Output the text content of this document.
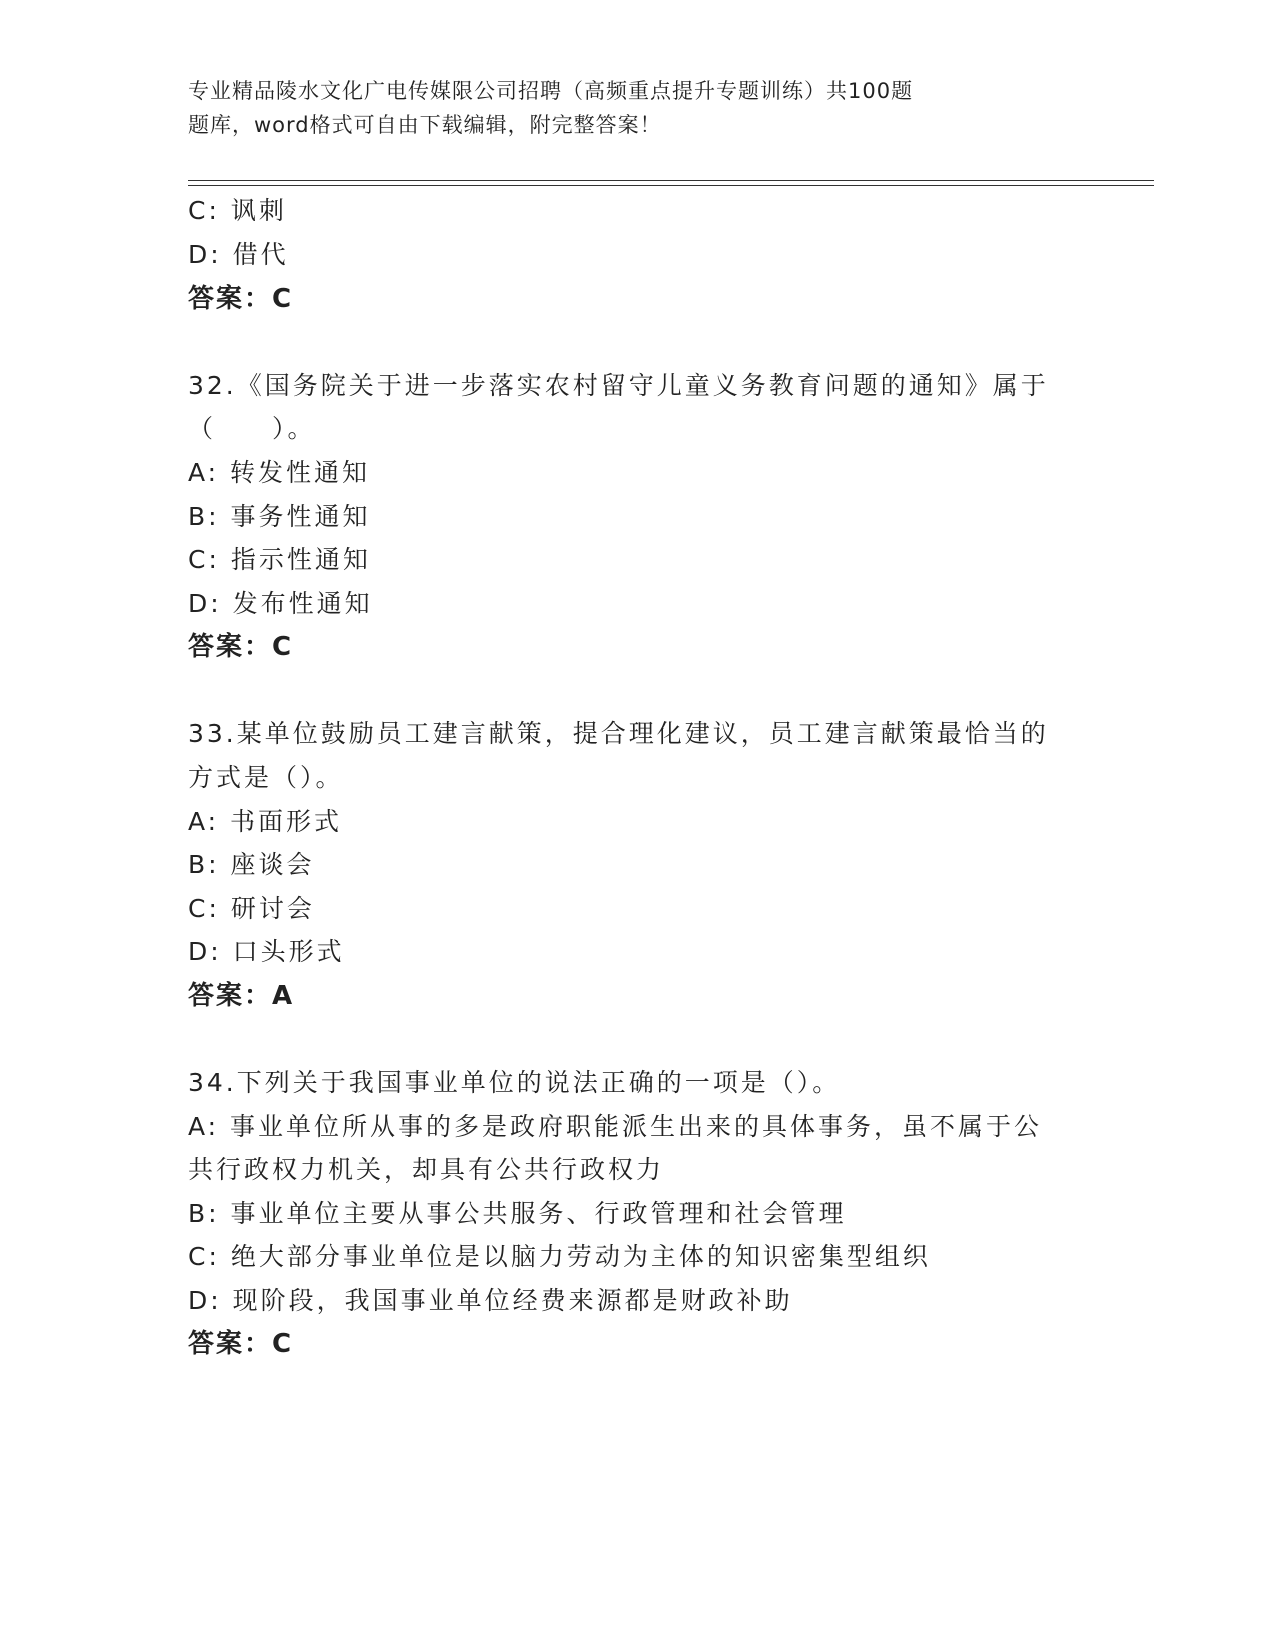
专业精品陵水文化广电传媒限公司招聘（高频重点提升专题训练）共100题
题库，word格式可自由下载编辑，附完整答案！
C: 讽刺
D: 借代
答案：C
32.《国务院关于进一步落实农村留守儿童义务教育问题的通知》属于
（　　）。
A: 转发性通知
B: 事务性通知
C: 指示性通知
D: 发布性通知
答案：C
33.某单位鼓励员工建言献策，提合理化建议，员工建言献策最恰当的
方式是（）。
A: 书面形式
B: 座谈会
C: 研讨会
D: 口头形式
答案：A
34.下列关于我国事业单位的说法正确的一项是（）。
A: 事业单位所从事的多是政府职能派生出来的具体事务，虽不属于公
共行政权力机关，却具有公共行政权力
B: 事业单位主要从事公共服务、行政管理和社会管理
C: 绝大部分事业单位是以脑力劳动为主体的知识密集型组织
D: 现阶段，我国事业单位经费来源都是财政补助
答案：C
